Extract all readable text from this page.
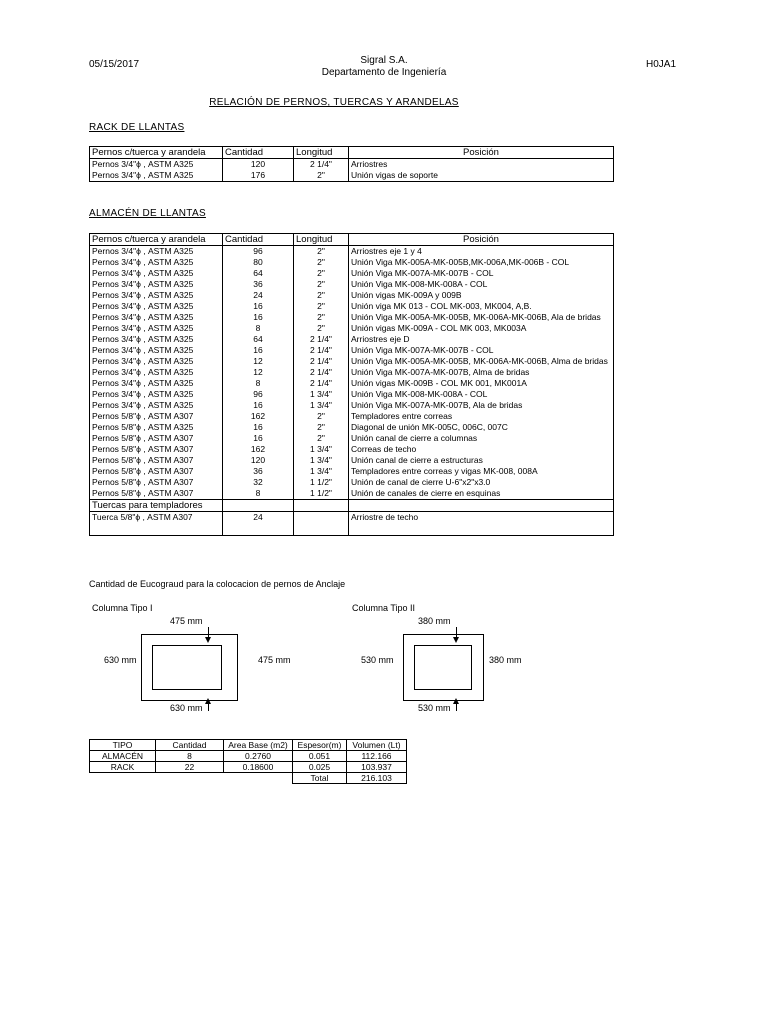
05/15/2017	Sigral S.A.
Departamento de Ingeniería
H0JA1
RELACIÓN DE PERNOS, TUERCAS Y ARANDELAS
RACK DE LLANTAS
Pernos c/tuerca y arandela	Cantidad	Longitud	Posición
Pernos 3/4"ϕ , ASTM A325	120	2 1/4"	Arriostres
Pernos 3/4"ϕ , ASTM A325	176	2"	Unión vigas de soporte
ALMACÉN DE LLANTAS
Pernos c/tuerca y arandela	Cantidad	Longitud	Posición
Pernos 3/4"ϕ , ASTM A325	96	2"	Arriostres eje 1 y 4
Pernos 3/4"ϕ , ASTM A325	80	2"	Unión Viga MK-005A-MK-005B,MK-006A,MK-006B - COL
Pernos 3/4"ϕ , ASTM A325	64	2"	Unión Viga MK-007A-MK-007B - COL
Pernos 3/4"ϕ , ASTM A325	36	2"	Unión Viga MK-008-MK-008A - COL
Pernos 3/4"ϕ , ASTM A325	24	2"	Unión vigas MK-009A y 009B
Pernos 3/4"ϕ , ASTM A325	16	2"	Unión viga MK 013 - COL MK-003, MK004, A,B.
Pernos 3/4"ϕ , ASTM A325	16	2"	Unión Viga MK-005A-MK-005B, MK-006A-MK-006B, Ala de bridas
Pernos 3/4"ϕ , ASTM A325	8	2"	Unión vigas MK-009A - COL MK 003, MK003A
Pernos 3/4"ϕ , ASTM A325	64	2 1/4"	Arriostres eje D
Pernos 3/4"ϕ , ASTM A325	16	2 1/4"	Unión Viga MK-007A-MK-007B - COL
Pernos 3/4"ϕ , ASTM A325	12	2 1/4"	Unión Viga MK-005A-MK-005B, MK-006A-MK-006B, Alma de bridas
Pernos 3/4"ϕ , ASTM A325	12	2 1/4"	Unión Viga MK-007A-MK-007B, Alma de bridas
Pernos 3/4"ϕ , ASTM A325	8	2 1/4"	Unión vigas MK-009B - COL MK 001, MK001A
Pernos 3/4"ϕ , ASTM A325	96	1 3/4"	Unión Viga MK-008-MK-008A - COL
Pernos 3/4"ϕ , ASTM A325	16	1 3/4"	Unión Viga MK-007A-MK-007B, Ala de bridas
Pernos 5/8"ϕ , ASTM A307	162	2"	Templadores entre correas
Pernos 5/8"ϕ , ASTM A325	16	2"	Diagonal de unión MK-005C, 006C, 007C
Pernos 5/8"ϕ , ASTM A307	16	2"	Unión canal de cierre a columnas
Pernos 5/8"ϕ , ASTM A307	162	1 3/4"	Correas de techo
Pernos 5/8"ϕ , ASTM A307	120	1 3/4"	Unión canal de cierre a estructuras
Pernos 5/8"ϕ , ASTM A307	36	1 3/4"	Templadores entre correas y vigas MK-008, 008A
Pernos 5/8"ϕ , ASTM A307	32	1 1/2"	Unión de canal de cierre U-6"x2"x3.0
Pernos 5/8"ϕ , ASTM A307	8	1 1/2"	Unión de canales de cierre en esquinas
Tuercas para templadores			
Tuerca 5/8"ϕ , ASTM A307	24		Arriostre de techo
Cantidad de Eucograud para la colocacion de pernos de Anclaje
Columna Tipo I
475 mm
630 mm	475 mm
630 mm
Columna Tipo II
380 mm
530 mm	380 mm
530 mm
TIPO	Cantidad	Area Base (m2)	Espesor(m)	Volumen (Lt)
ALMACÉN	8	0.2760	0.051	112.166
RACK	22	0.18600	0.025	103.937
			Total	216.103
